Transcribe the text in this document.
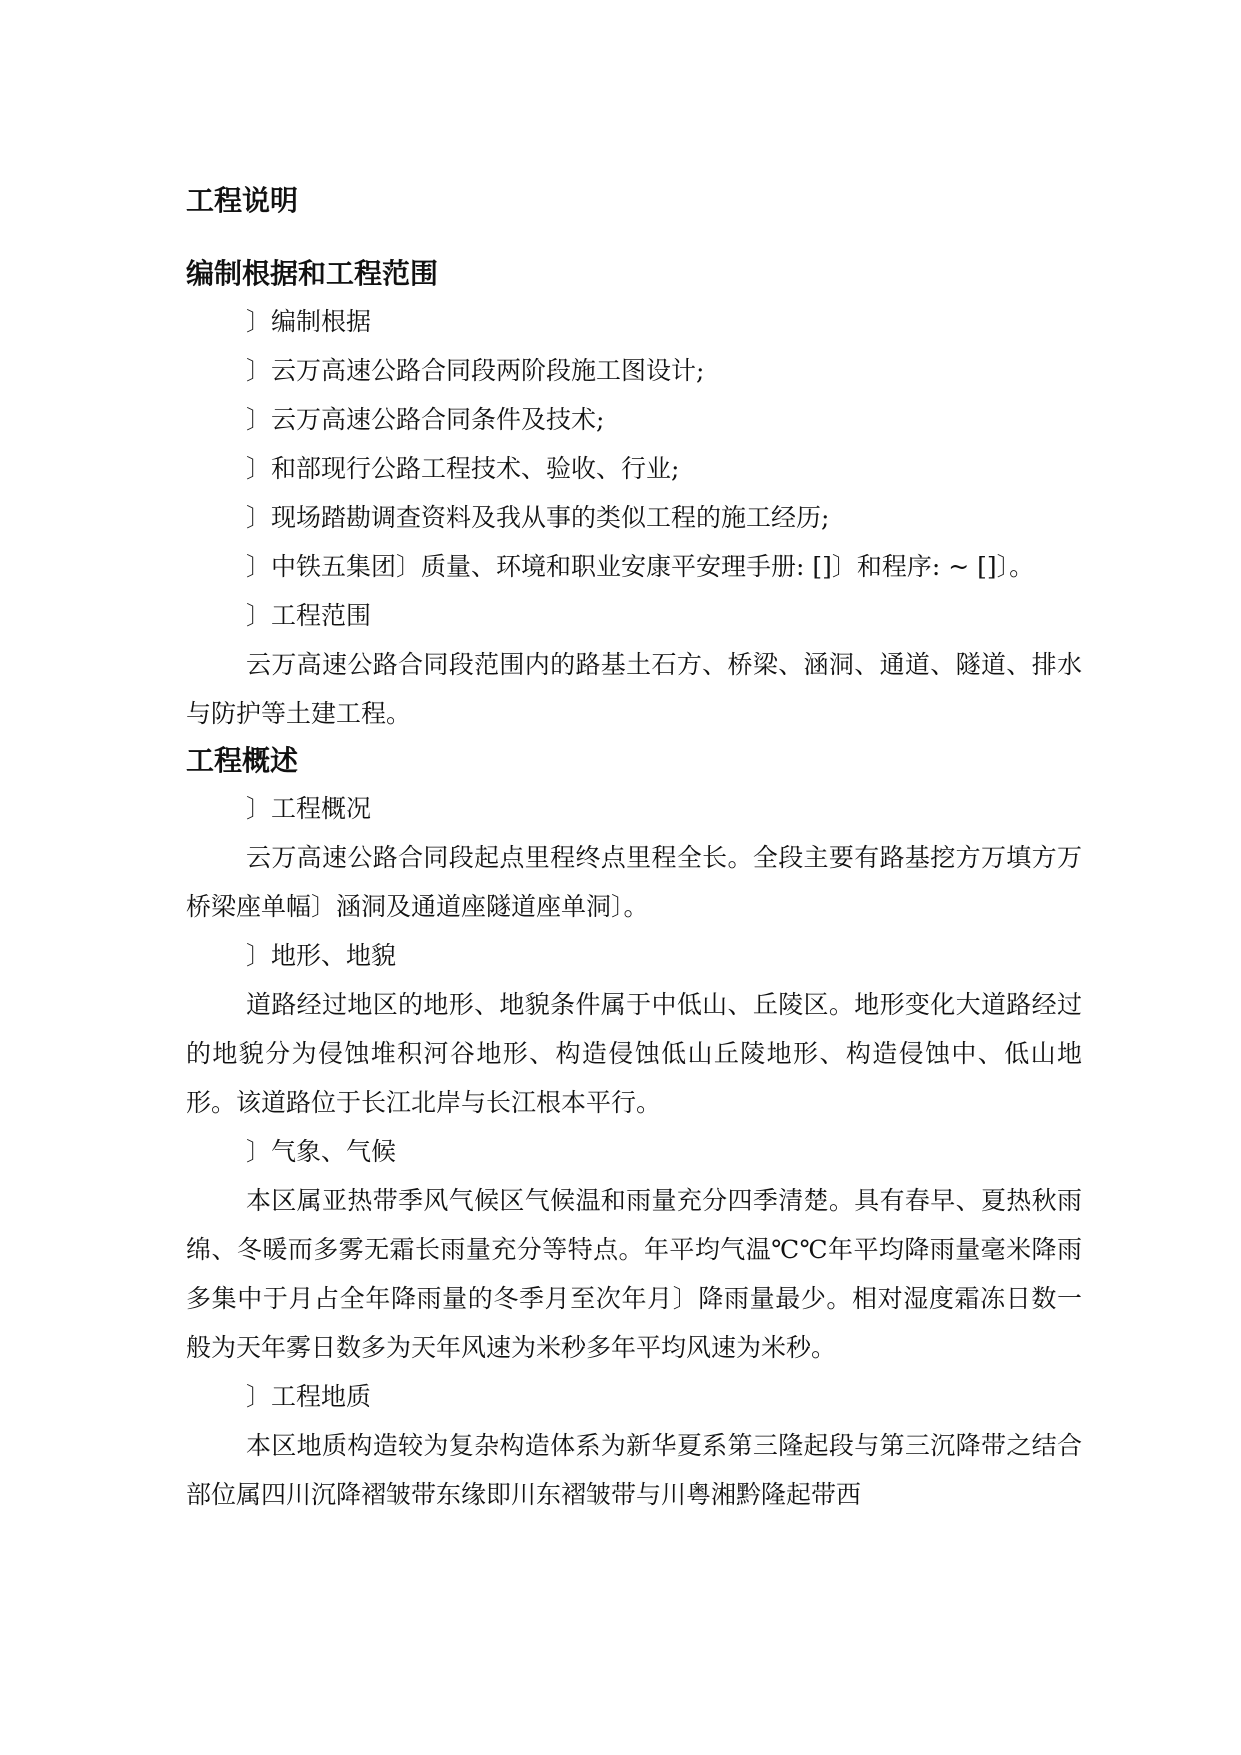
工程说明
编制根据和工程范围

〕编制根据

〕云万高速公路合同段两阶段施工图设计;

〕云万高速公路合同条件及技术;

〕和部现行公路工程技术、验收、行业;

〕现场踏勘调查资料及我从事的类似工程的施工经历;

〕中铁五集团〕质量、环境和职业安康平安理手册: []〕和程序: ~ []〕。

〕工程范围

云万高速公路合同段范围内的路基土石方、桥梁、涵洞、通道、隧道、排水与防护等土建工程。

工程概述

〕工程概况

云万高速公路合同段起点里程终点里程全长。全段主要有路基挖方万填方万桥梁座单幅〕涵洞及通道座隧道座单洞〕。

〕地形、地貌

道路经过地区的地形、地貌条件属于中低山、丘陵区。地形变化大道路经过的地貌分为侵蚀堆积河谷地形、构造侵蚀低山丘陵地形、构造侵蚀中、低山地形。该道路位于长江北岸与长江根本平行。

〕气象、气候

本区属亚热带季风气候区气候温和雨量充分四季清楚。具有春早、夏热秋雨绵、冬暖而多雾无霜长雨量充分等特点。年平均气温℃℃年平均降雨量毫米降雨多集中于月占全年降雨量的冬季月至次年月〕降雨量最少。相对湿度霜冻日数一般为天年雾日数多为天年风速为米秒多年平均风速为米秒。

〕工程地质

本区地质构造较为复杂构造体系为新华夏系第三隆起段与第三沉降带之结合部位属四川沉降褶皱带东缘即川东褶皱带与川粤湘黔隆起带西
